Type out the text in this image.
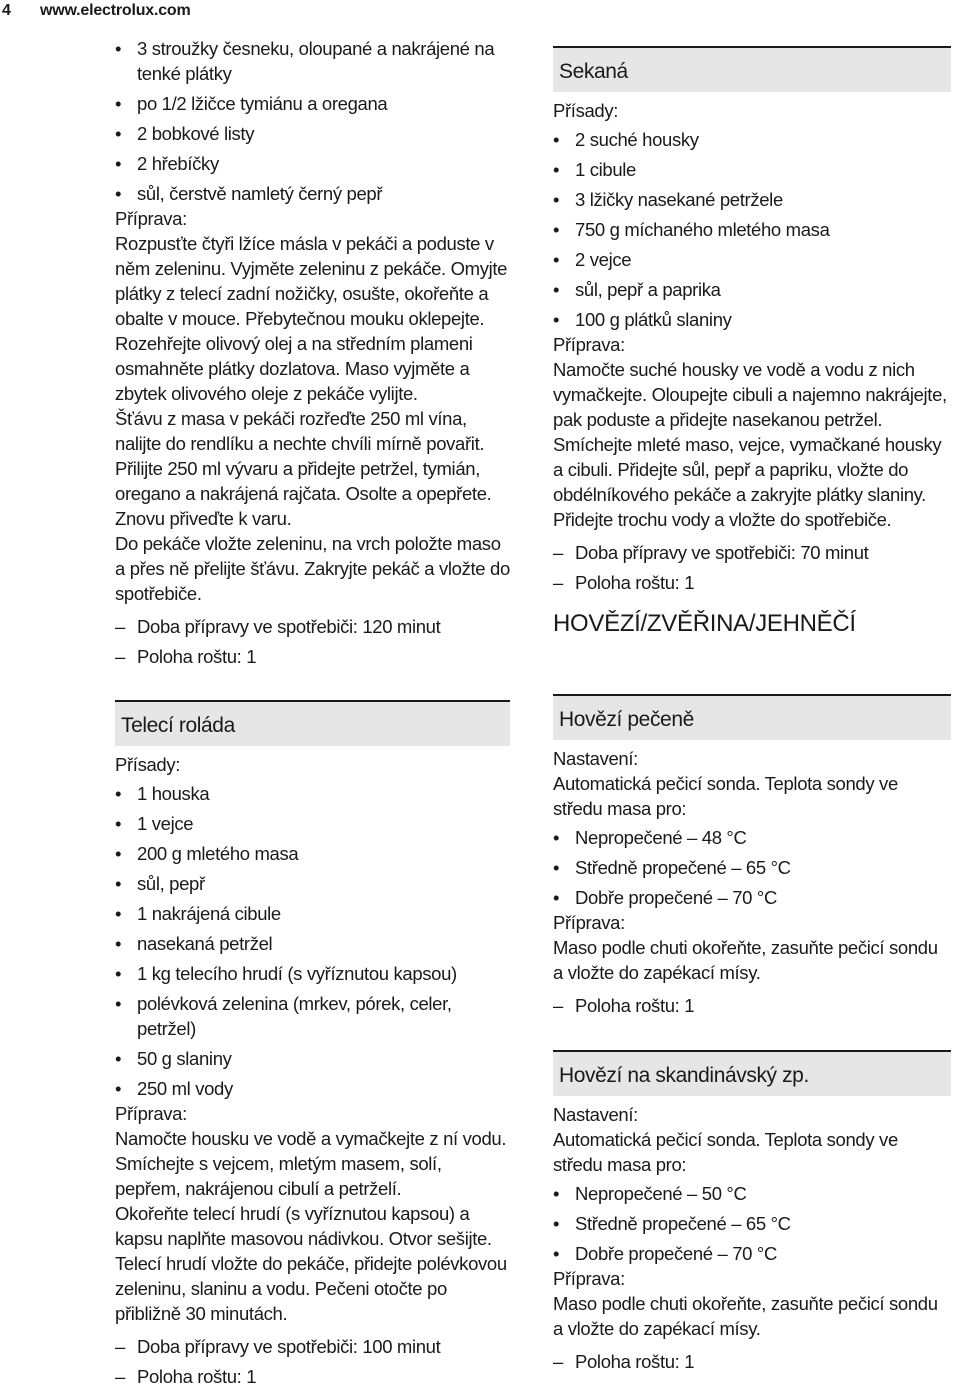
4 www.electrolux.com
• 3 stroužky česneku, oloupané a nakrájené na tenké plátky
• po 1/2 lžičce tymiánu a oregana
• 2 bobkové listy
• 2 hřebíčky
• sůl, čerstvě namletý černý pepř

Příprava:

Rozpusťte čtyři lžíce másla v pekáči a poduste v něm zeleninu. Vyjměte zeleninu z pekáče. Omyjte plátky z telecí zadní nožičky, osušte, okořeňte a obalte v mouce. Přebytečnou mouku oklepejte. Rozehřejte olivový olej a na středním plameni osmahněte plátky dozlatova. Maso vyjměte a zbytek olivového oleje z pekáče vylijte.

Šťávu z masa v pekáči rozřeďte 250 ml vína, nalijte do rendlíku a nechte chvíli mírně povařit.

Přilijte 250 ml vývaru a přidejte petržel, tymián, oregano a nakrájená rajčata. Osolte a opepřete. Znovu přiveďte k varu.

Do pekáče vložte zeleninu, na vrch položte maso a přes ně přelijte šťávu. Zakryjte pekáč a vložte do spotřebiče.

– Doba přípravy ve spotřebiči: 120 minut
– Poloha roštu: 1
Telecí roláda

Přísady:

• 1 houska
• 1 vejce
• 200 g mletého masa
• sůl, pepř
• 1 nakrájená cibule
• nasekaná petržel
• 1 kg telecího hrudí (s vyříznutou kapsou)
• polévková zelenina (mrkev, pórek, celer, petržel)
• 50 g slaniny
• 250 ml vody

Příprava:

Namočte housku ve vodě a vymačkejte z ní vodu. Smíchejte s vejcem, mletým masem, solí, pepřem, nakrájenou cibulí a petrželí.

Okořeňte telecí hrudí (s vyříznutou kapsou) a kapsu naplňte masovou nádivkou. Otvor sešijte.

Telecí hrudí vložte do pekáče, přidejte polévkovou zeleninu, slaninu a vodu. Pečeni otočte po přibližně 30 minutách.

– Doba přípravy ve spotřebiči: 100 minut
– Poloha roštu: 1
Sekaná

Přísady:

• 2 suché housky
• 1 cibule
• 3 lžičky nasekané petržele
• 750 g míchaného mletého masa
• 2 vejce
• sůl, pepř a paprika
• 100 g plátků slaniny

Příprava:

Namočte suché housky ve vodě a vodu z nich vymačkejte. Oloupejte cibuli a najemno nakrájejte, pak poduste a přidejte nasekanou petržel.

Smíchejte mleté maso, vejce, vymačkané housky a cibuli. Přidejte sůl, pepř a papriku, vložte do obdélníkového pekáče a zakryjte plátky slaniny.

Přidejte trochu vody a vložte do spotřebiče.

– Doba přípravy ve spotřebiči: 70 minut
– Poloha roštu: 1
HOVĚZÍ/ZVĚŘINA/JEHNĚČÍ
Hovězí pečeně

Nastavení:

Automatická pečicí sonda. Teplota sondy ve středu masa pro:

• Nepropečené – 48 °C
• Středně propečené – 65 °C
• Dobře propečené – 70 °C

Příprava:

Maso podle chuti okořeňte, zasuňte pečicí sondu a vložte do zapékací mísy.

– Poloha roštu: 1
Hovězí na skandinávský zp.

Nastavení:

Automatická pečicí sonda. Teplota sondy ve středu masa pro:

• Nepropečené – 50 °C
• Středně propečené – 65 °C
• Dobře propečené – 70 °C

Příprava:

Maso podle chuti okořeňte, zasuňte pečicí sondu a vložte do zapékací mísy.

– Poloha roštu: 1
